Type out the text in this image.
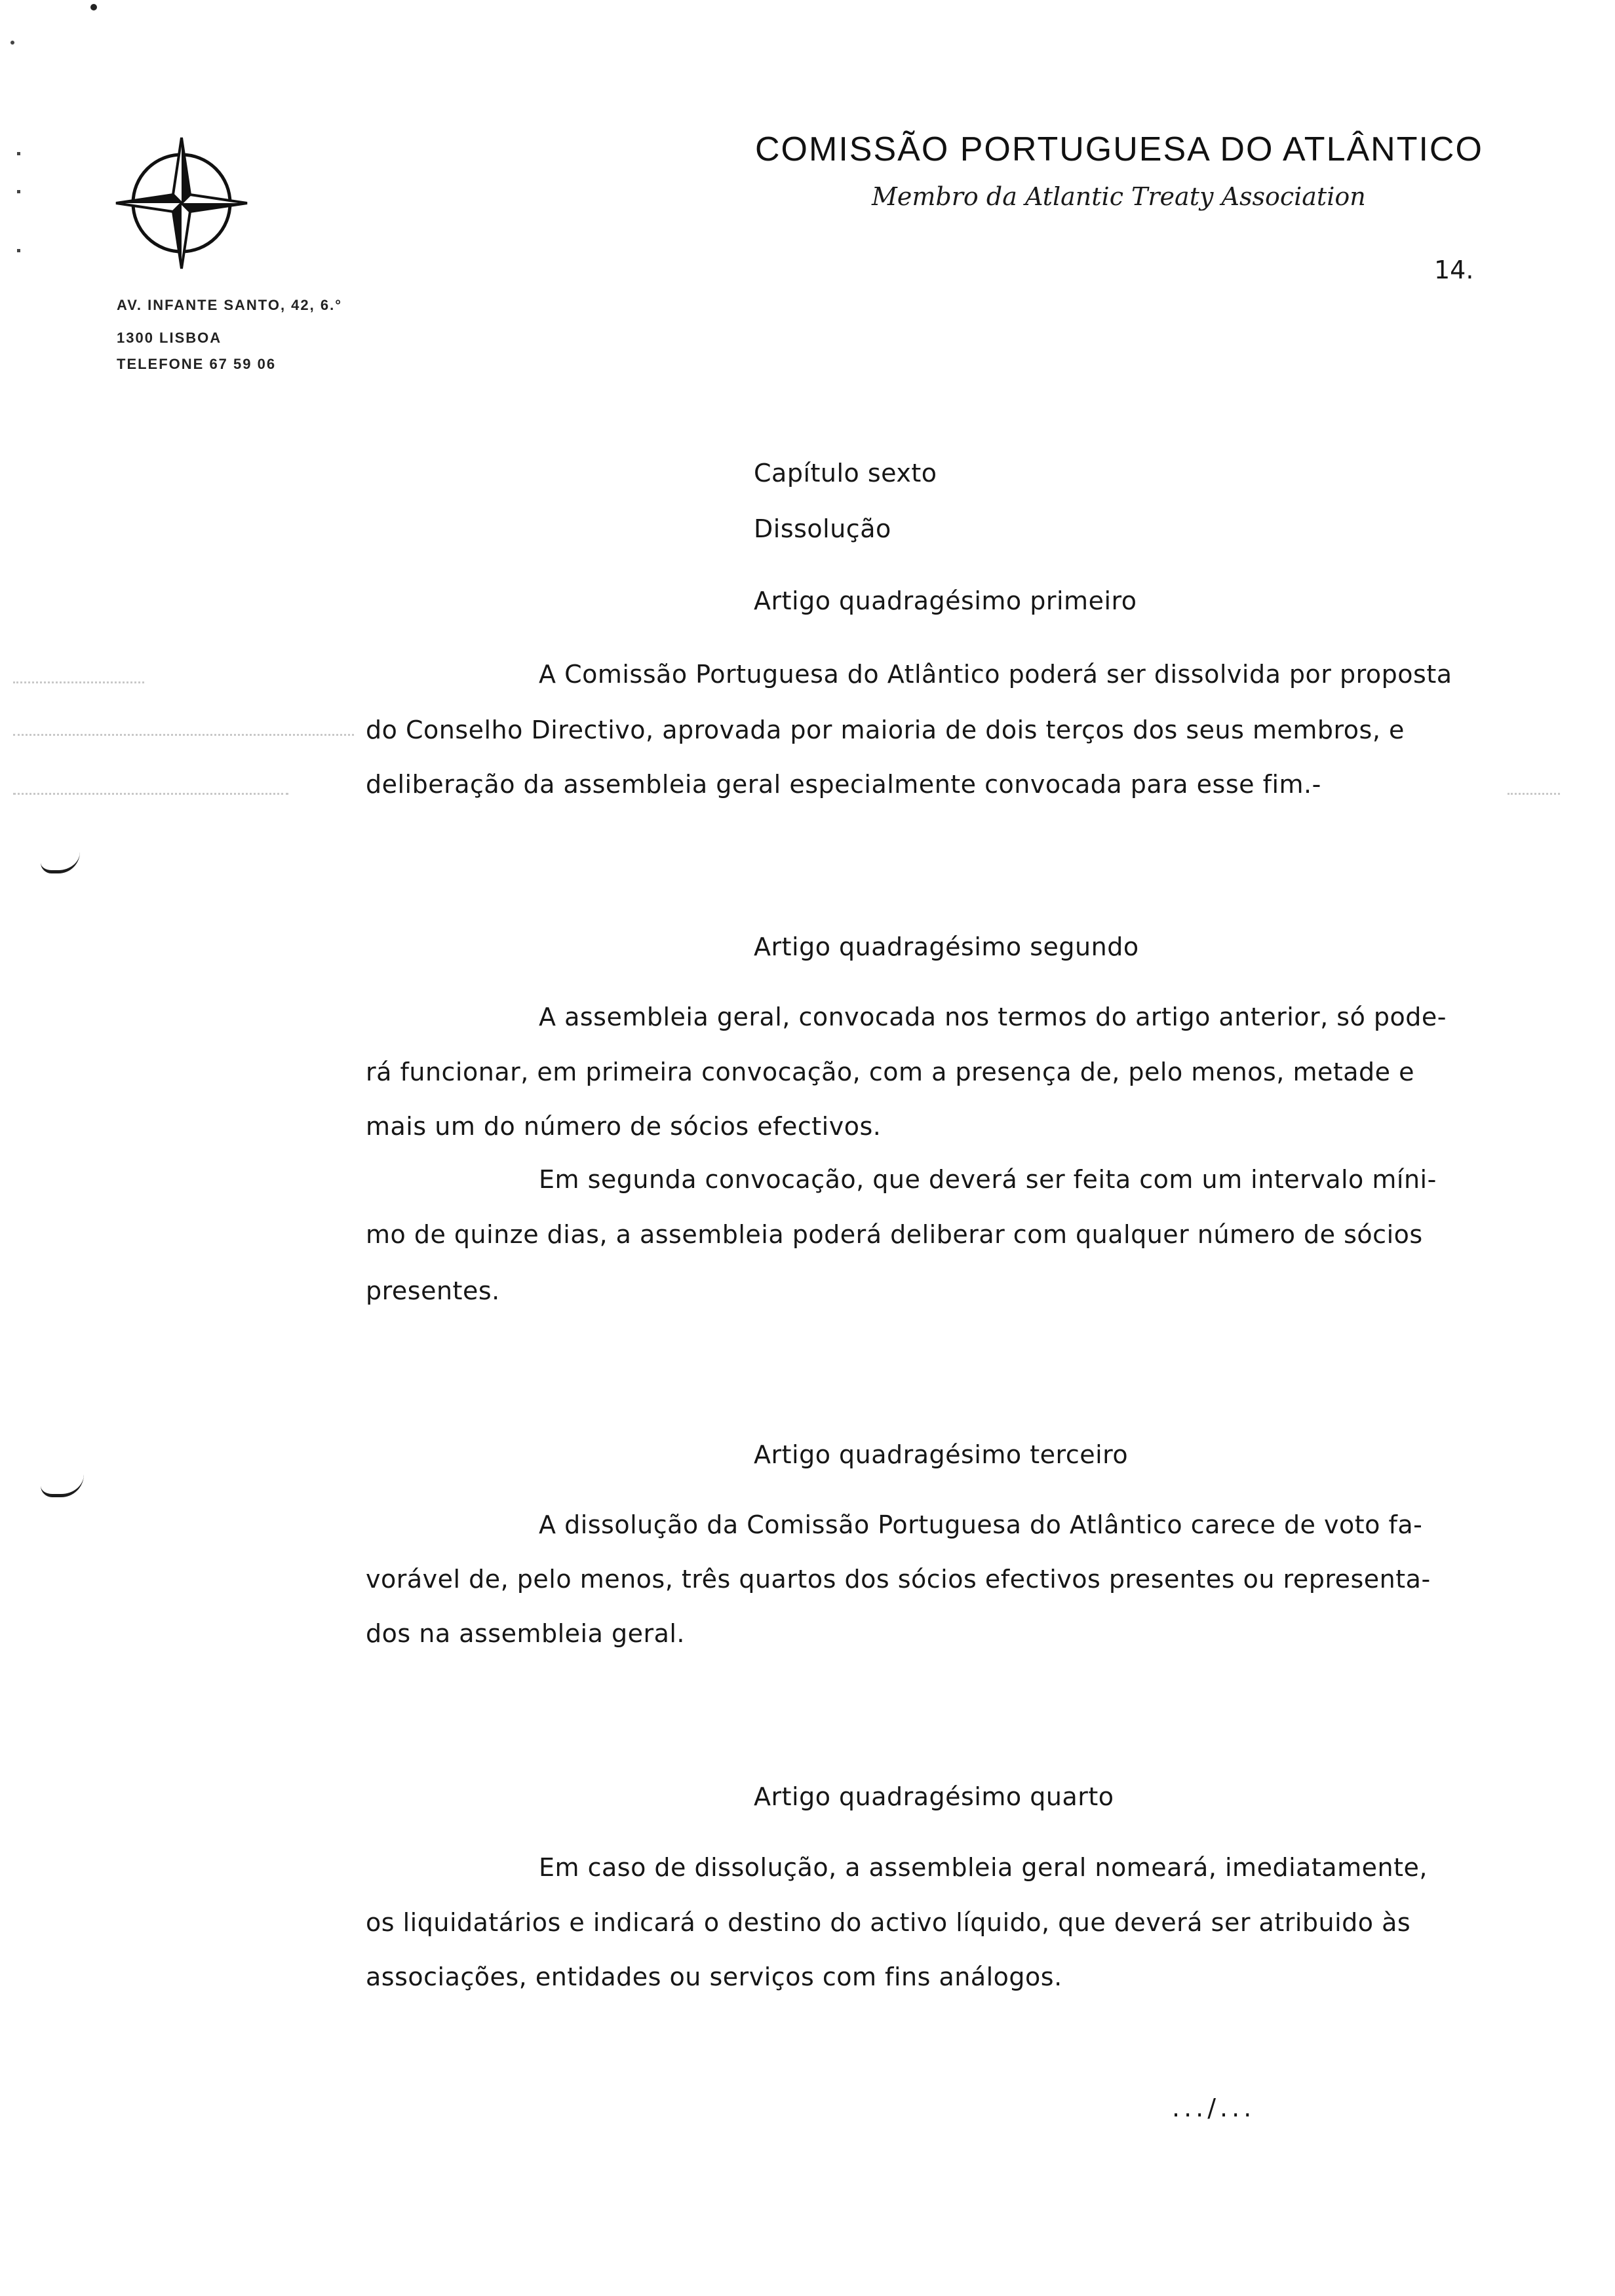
COMISSÃO PORTUGUESA DO ATLÂNTICO
Membro da Atlantic Treaty Association
14.
AV. INFANTE SANTO, 42, 6.°
1300 LISBOA
TELEFONE 67 59 06
Capítulo sexto
Dissolução
Artigo quadragésimo primeiro
A Comissão Portuguesa do Atlântico poderá ser dissolvida por proposta
do Conselho Directivo, aprovada por maioria de dois terços dos seus membros, e
deliberação da assembleia geral especialmente convocada para esse fim.-
Artigo quadragésimo segundo
A assembleia geral, convocada nos termos do artigo anterior, só pode-
rá funcionar, em primeira convocação, com a presença de, pelo menos, metade e
mais um do número de sócios efectivos.
Em segunda convocação, que deverá ser feita com um intervalo míni-
mo de quinze dias, a assembleia poderá deliberar com qualquer número de sócios
presentes.
Artigo quadragésimo terceiro
A dissolução da Comissão Portuguesa do Atlântico carece de voto fa-
vorável de, pelo menos, três quartos dos sócios efectivos presentes ou representa-
dos na assembleia geral.
Artigo quadragésimo quarto
Em caso de dissolução, a assembleia geral nomeará, imediatamente,
os liquidatários e indicará o destino do activo líquido, que deverá ser atribuido às
associações, entidades ou serviços com fins análogos.
.../...
